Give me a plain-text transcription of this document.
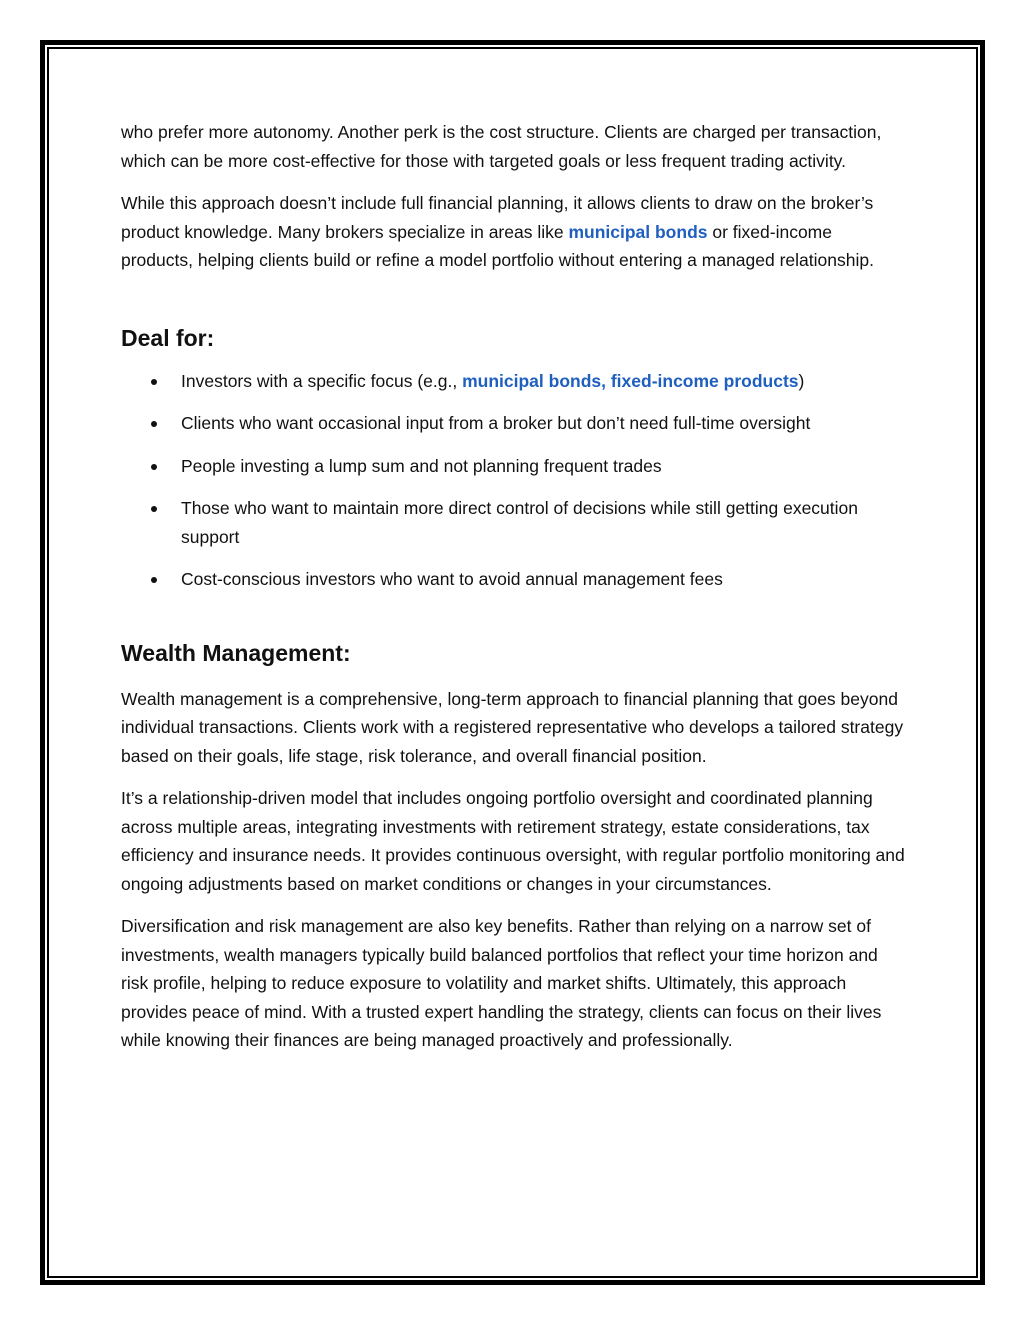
who prefer more autonomy. Another perk is the cost structure. Clients are charged per transaction, which can be more cost-effective for those with targeted goals or less frequent trading activity.

While this approach doesn’t include full financial planning, it allows clients to draw on the broker’s product knowledge. Many brokers specialize in areas like municipal bonds or fixed-income products, helping clients build or refine a model portfolio without entering a managed relationship.

Deal for:
Investors with a specific focus (e.g., municipal bonds, fixed-income products)
Clients who want occasional input from a broker but don’t need full-time oversight
People investing a lump sum and not planning frequent trades
Those who want to maintain more direct control of decisions while still getting execution support
Cost-conscious investors who want to avoid annual management fees
Wealth Management:

Wealth management is a comprehensive, long-term approach to financial planning that goes beyond individual transactions. Clients work with a registered representative who develops a tailored strategy based on their goals, life stage, risk tolerance, and overall financial position.

It’s a relationship-driven model that includes ongoing portfolio oversight and coordinated planning across multiple areas, integrating investments with retirement strategy, estate considerations, tax efficiency and insurance needs. It provides continuous oversight, with regular portfolio monitoring and ongoing adjustments based on market conditions or changes in your circumstances.

Diversification and risk management are also key benefits. Rather than relying on a narrow set of investments, wealth managers typically build balanced portfolios that reflect your time horizon and risk profile, helping to reduce exposure to volatility and market shifts. Ultimately, this approach provides peace of mind. With a trusted expert handling the strategy, clients can focus on their lives while knowing their finances are being managed proactively and professionally.
